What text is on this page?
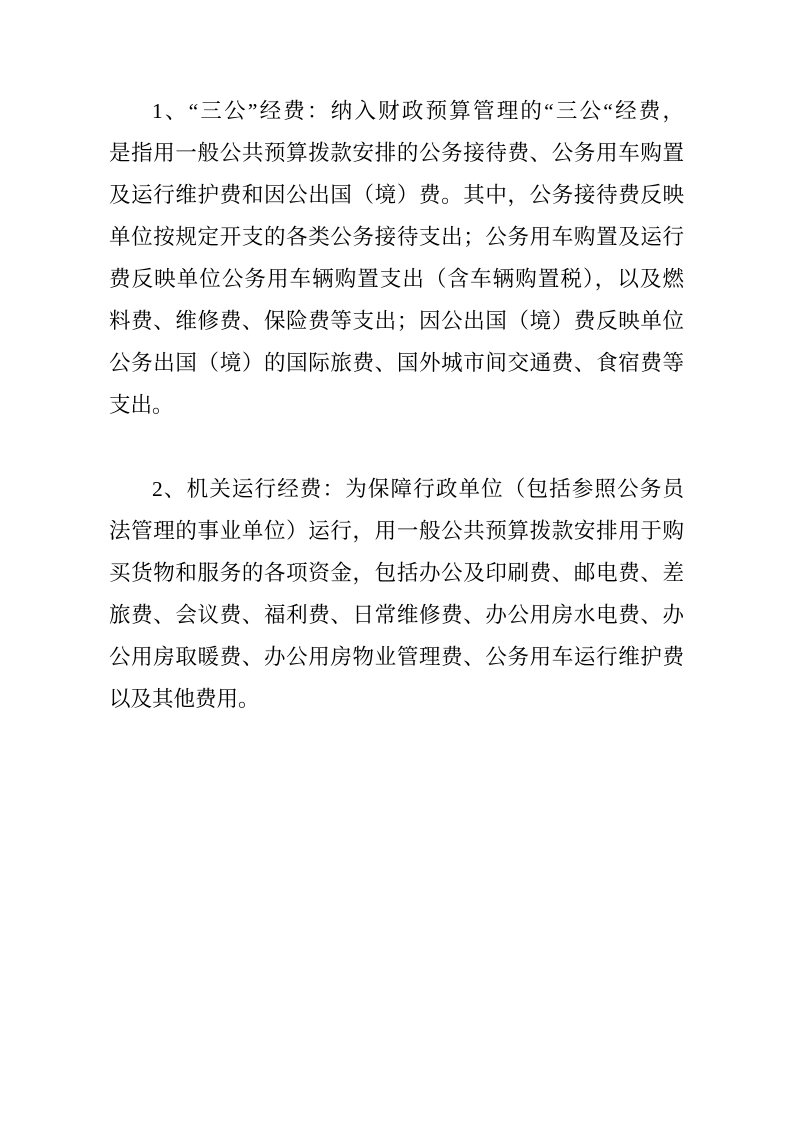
1、“三公”经费：纳入财政预算管理的“三公“经费，
是指用一般公共预算拨款安排的公务接待费、公务用车购置
及运行维护费和因公出国（境）费。其中，公务接待费反映
单位按规定开支的各类公务接待支出；公务用车购置及运行
费反映单位公务用车辆购置支出（含车辆购置税），以及燃
料费、维修费、保险费等支出；因公出国（境）费反映单位
公务出国（境）的国际旅费、国外城市间交通费、食宿费等
支出。
2、机关运行经费：为保障行政单位（包括参照公务员
法管理的事业单位）运行，用一般公共预算拨款安排用于购
买货物和服务的各项资金，包括办公及印刷费、邮电费、差
旅费、会议费、福利费、日常维修费、办公用房水电费、办
公用房取暖费、办公用房物业管理费、公务用车运行维护费
以及其他费用。
